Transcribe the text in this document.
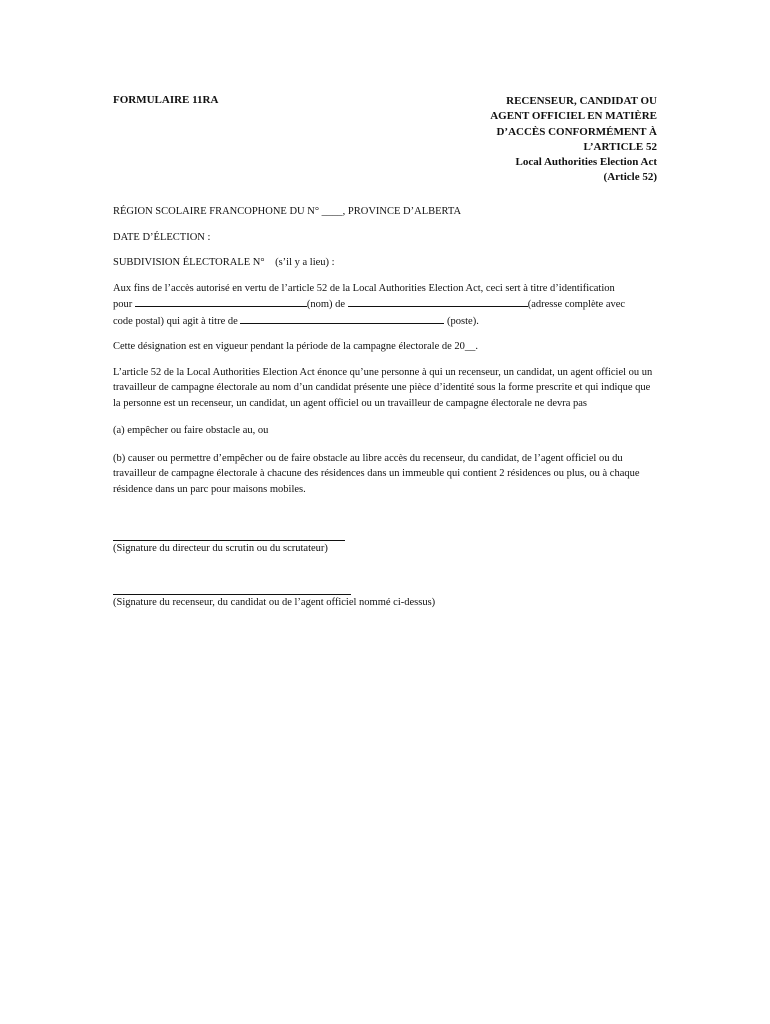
FORMULAIRE 11RA	RECENSEUR, CANDIDAT OU
AGENT OFFICIEL EN MATIÈRE
D’ACCÈS CONFORMÉMENT À
L’ARTICLE 52
Local Authorities Election Act
(Article 52)

RÉGION SCOLAIRE FRANCOPHONE DU N° ____, PROVINCE D’ALBERTA

DATE D’ÉLECTION :

SUBDIVISION ÉLECTORALE N° (s’il y a lieu) :

Aux fins de l’accès autorisé en vertu de l’article 52 de la Local Authorities Election Act, ceci sert à titre d’identification
pour	(nom) de	(adresse complète avec
code postal) qui agit à titre de	(poste).

Cette désignation est en vigueur pendant la période de la campagne électorale de 20__.

L’article 52 de la Local Authorities Election Act énonce qu’une personne à qui un recenseur, un candidat, un agent officiel ou un travailleur de campagne électorale au nom d’un candidat présente une pièce d’identité sous la forme prescrite et qui indique que la personne est un recenseur, un candidat, un agent officiel ou un travailleur de campagne électorale ne devra pas

(a) empêcher ou faire obstacle au, ou

(b) causer ou permettre d’empêcher ou de faire obstacle au libre accès du recenseur, du candidat, de l’agent officiel ou du travailleur de campagne électorale à chacune des résidences dans un immeuble qui contient 2 résidences ou plus, ou à chaque résidence dans un parc pour maisons mobiles.

(Signature du directeur du scrutin ou du scrutateur)
(Signature du recenseur, du candidat ou de l’agent officiel nommé ci-dessus)
